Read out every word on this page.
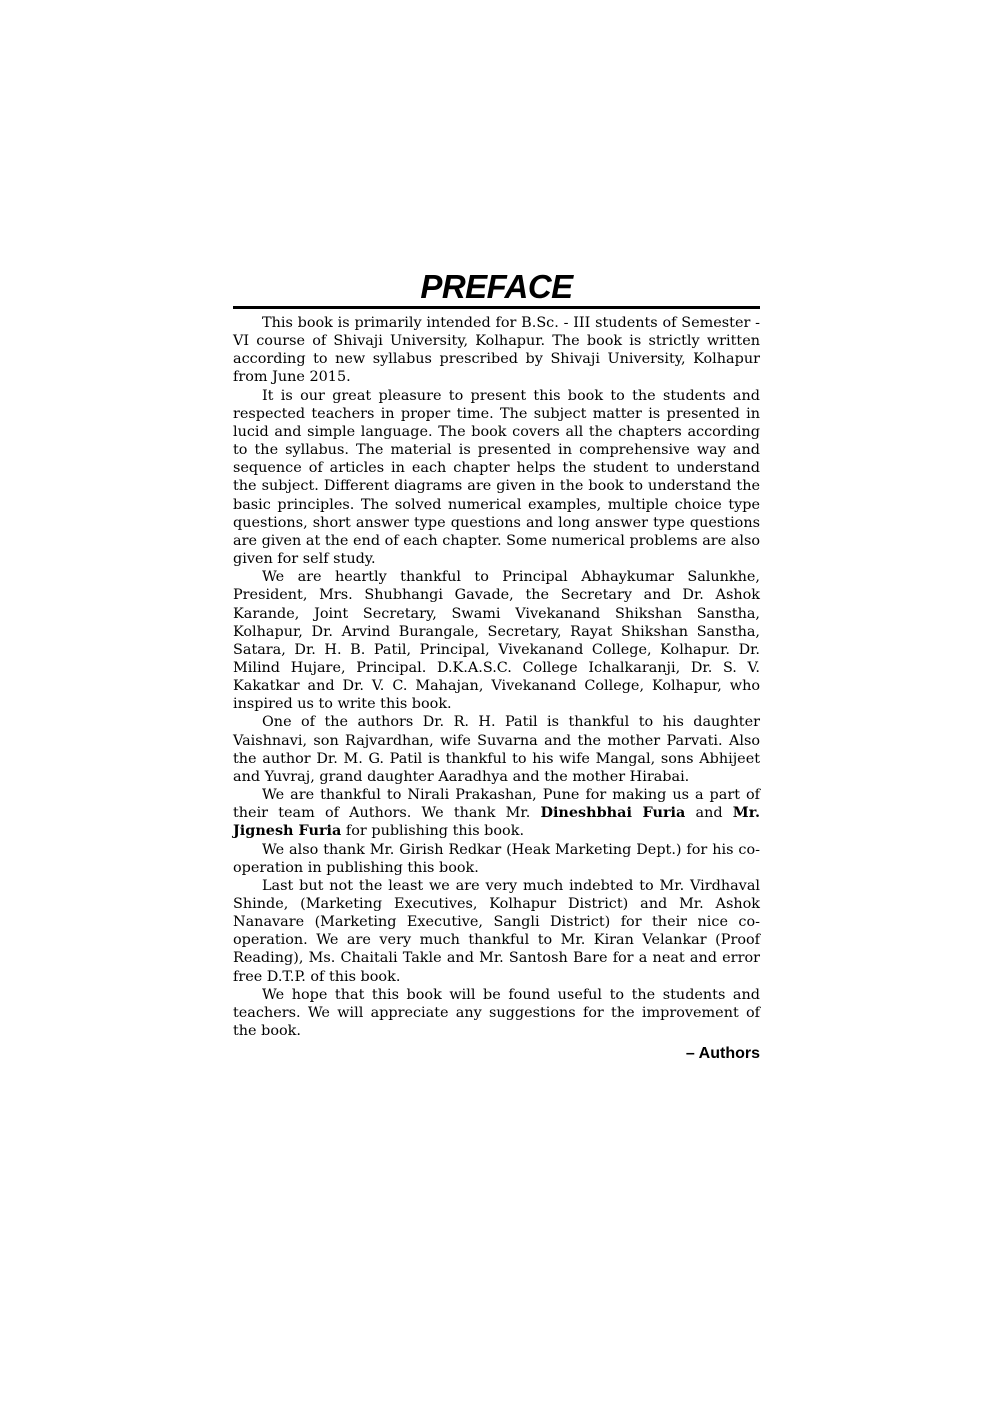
PREFACE

This book is primarily intended for B.Sc. - III students of Semester - VI course of Shivaji University, Kolhapur. The book is strictly written according to new syllabus prescribed by Shivaji University, Kolhapur from June 2015.

It is our great pleasure to present this book to the students and respected teachers in proper time. The subject matter is presented in lucid and simple language. The book covers all the chapters according to the syllabus. The material is presented in comprehensive way and sequence of articles in each chapter helps the student to understand the subject. Different diagrams are given in the book to understand the basic principles. The solved numerical examples, multiple choice type questions, short answer type questions and long answer type questions are given at the end of each chapter. Some numerical problems are also given for self study.

We are heartly thankful to Principal Abhaykumar Salunkhe, President, Mrs. Shubhangi Gavade, the Secretary and Dr. Ashok Karande, Joint Secretary, Swami Vivekanand Shikshan Sanstha, Kolhapur, Dr. Arvind Burangale, Secretary, Rayat Shikshan Sanstha, Satara, Dr. H. B. Patil, Principal, Vivekanand College, Kolhapur. Dr. Milind Hujare, Principal. D.K.A.S.C. College Ichalkaranji, Dr. S. V. Kakatkar and Dr. V. C. Mahajan, Vivekanand College, Kolhapur, who inspired us to write this book.

One of the authors Dr. R. H. Patil is thankful to his daughter Vaishnavi, son Rajvardhan, wife Suvarna and the mother Parvati. Also the author Dr. M. G. Patil is thankful to his wife Mangal, sons Abhijeet and Yuvraj, grand daughter Aaradhya and the mother Hirabai.

We are thankful to Nirali Prakashan, Pune for making us a part of their team of Authors. We thank Mr. Dineshbhai Furia and Mr. Jignesh Furia for publishing this book.

We also thank Mr. Girish Redkar (Heak Marketing Dept.) for his co-operation in publishing this book.

Last but not the least we are very much indebted to Mr. Virdhaval Shinde, (Marketing Executives, Kolhapur District) and Mr. Ashok Nanavare (Marketing Executive, Sangli District) for their nice co-operation. We are very much thankful to Mr. Kiran Velankar (Proof Reading), Ms. Chaitali Takle and Mr. Santosh Bare for a neat and error free D.T.P. of this book.

We hope that this book will be found useful to the students and teachers. We will appreciate any suggestions for the improvement of the book.

– Authors
